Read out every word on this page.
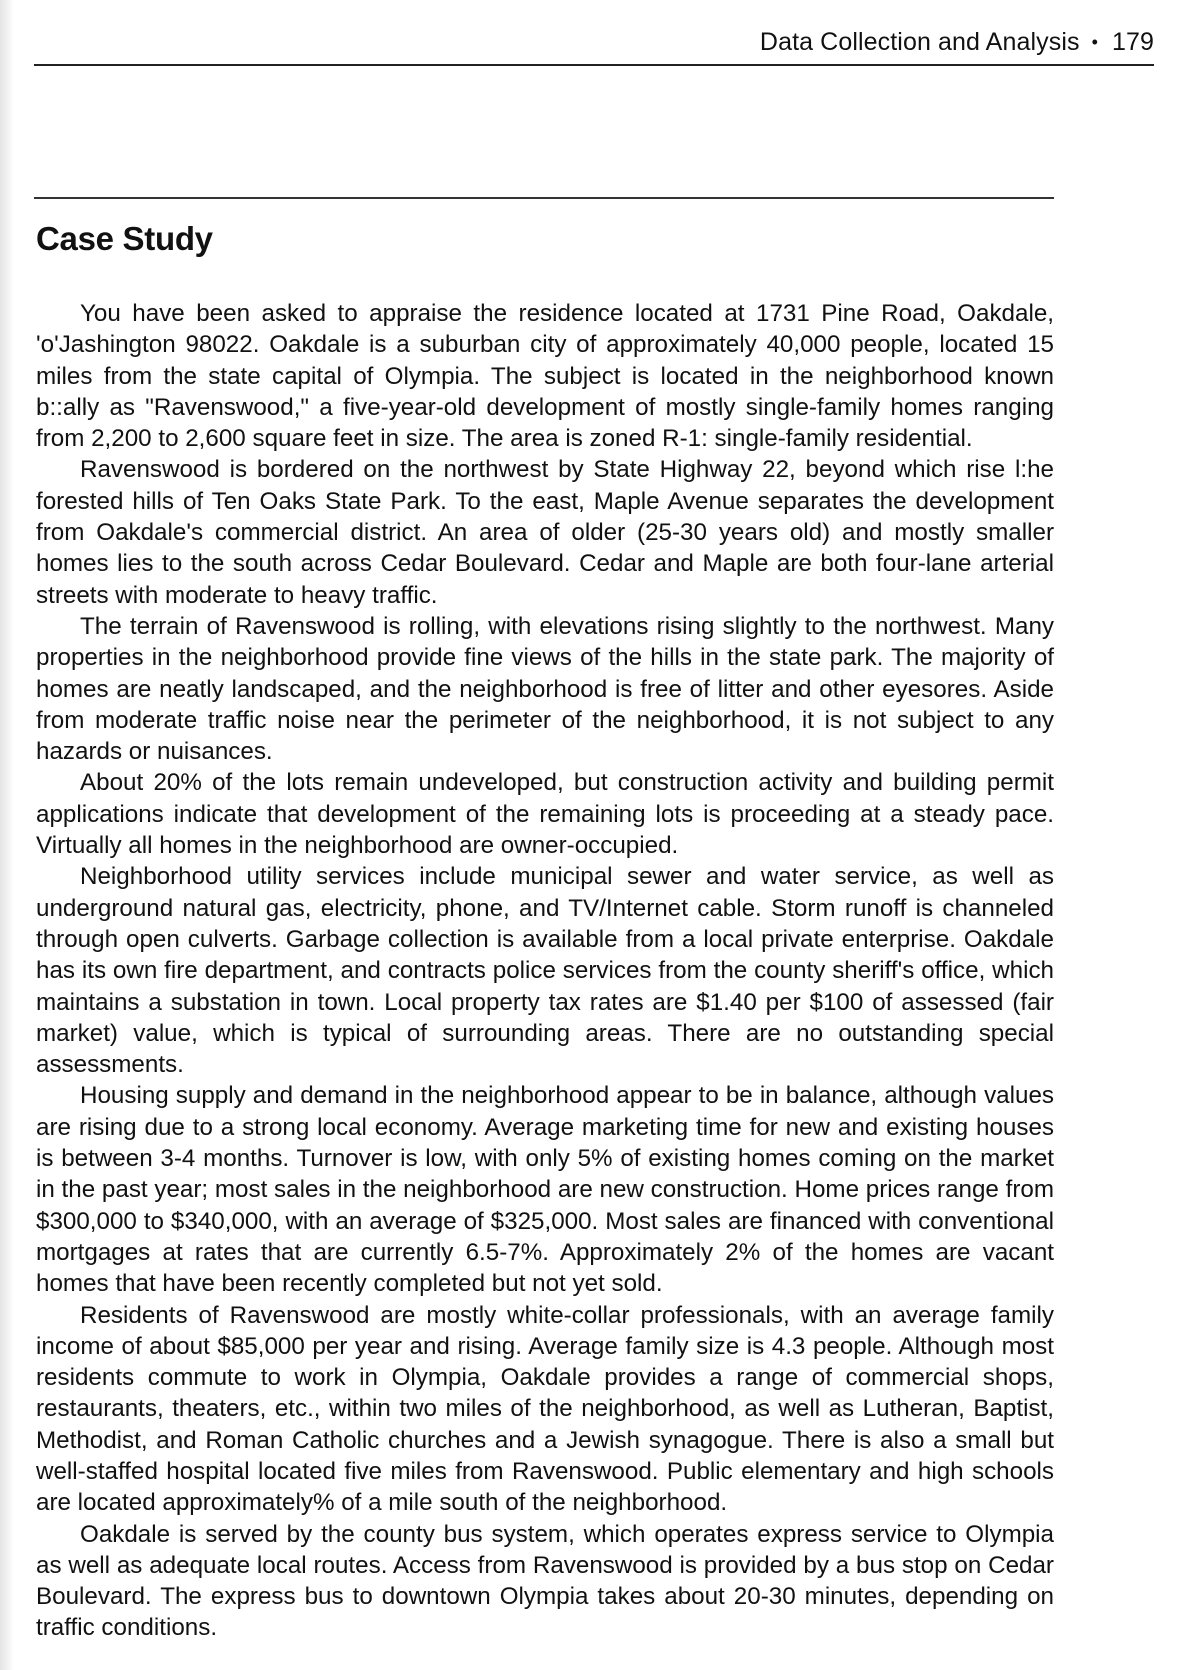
Data Collection and Analysis • 179
Case Study

You have been asked to appraise the residence located at 1731 Pine Road, Oakdale, 'o'Jashington 98022. Oakdale is a suburban city of approximately 40,000 people, located 15 miles from the state capital of Olympia. The subject is located in the neighborhood known b::ally as "Ravenswood," a five-year-old development of mostly single-family homes ranging from 2,200 to 2,600 square feet in size. The area is zoned R-1: single-family residential.

Ravenswood is bordered on the northwest by State Highway 22, beyond which rise l:he forested hills of Ten Oaks State Park. To the east, Maple Avenue separates the development from Oakdale's commercial district. An area of older (25-30 years old) and mostly smaller homes lies to the south across Cedar Boulevard. Cedar and Maple are both four-lane arterial streets with moderate to heavy traffic.

The terrain of Ravenswood is rolling, with elevations rising slightly to the northwest. Many properties in the neighborhood provide fine views of the hills in the state park. The majority of homes are neatly landscaped, and the neighborhood is free of litter and other eyesores. Aside from moderate traffic noise near the perimeter of the neighborhood, it is not subject to any hazards or nuisances.

About 20% of the lots remain undeveloped, but construction activity and building permit applications indicate that development of the remaining lots is proceeding at a steady pace. Virtually all homes in the neighborhood are owner-occupied.

Neighborhood utility services include municipal sewer and water service, as well as underground natural gas, electricity, phone, and TV/Internet cable. Storm runoff is channeled through open culverts. Garbage collection is available from a local private enterprise. Oakdale has its own fire department, and contracts police services from the county sheriff's office, which maintains a substation in town. Local property tax rates are $1.40 per $100 of assessed (fair market) value, which is typical of surrounding areas. There are no outstanding special assessments.

Housing supply and demand in the neighborhood appear to be in balance, although values are rising due to a strong local economy. Average marketing time for new and existing houses is between 3-4 months. Turnover is low, with only 5% of existing homes coming on the market in the past year; most sales in the neighborhood are new construction. Home prices range from $300,000 to $340,000, with an average of $325,000. Most sales are financed with conventional mortgages at rates that are currently 6.5-7%. Approximately 2% of the homes are vacant homes that have been recently completed but not yet sold.

Residents of Ravenswood are mostly white-collar professionals, with an average family income of about $85,000 per year and rising. Average family size is 4.3 people. Although most residents commute to work in Olympia, Oakdale provides a range of commercial shops, restaurants, theaters, etc., within two miles of the neighborhood, as well as Lutheran, Baptist, Methodist, and Roman Catholic churches and a Jewish synagogue. There is also a small but well-staffed hospital located five miles from Ravenswood. Public elementary and high schools are located approximately% of a mile south of the neighborhood.

Oakdale is served by the county bus system, which operates express service to Olympia as well as adequate local routes. Access from Ravenswood is provided by a bus stop on Cedar Boulevard. The express bus to downtown Olympia takes about 20-30 minutes, depending on traffic conditions.
